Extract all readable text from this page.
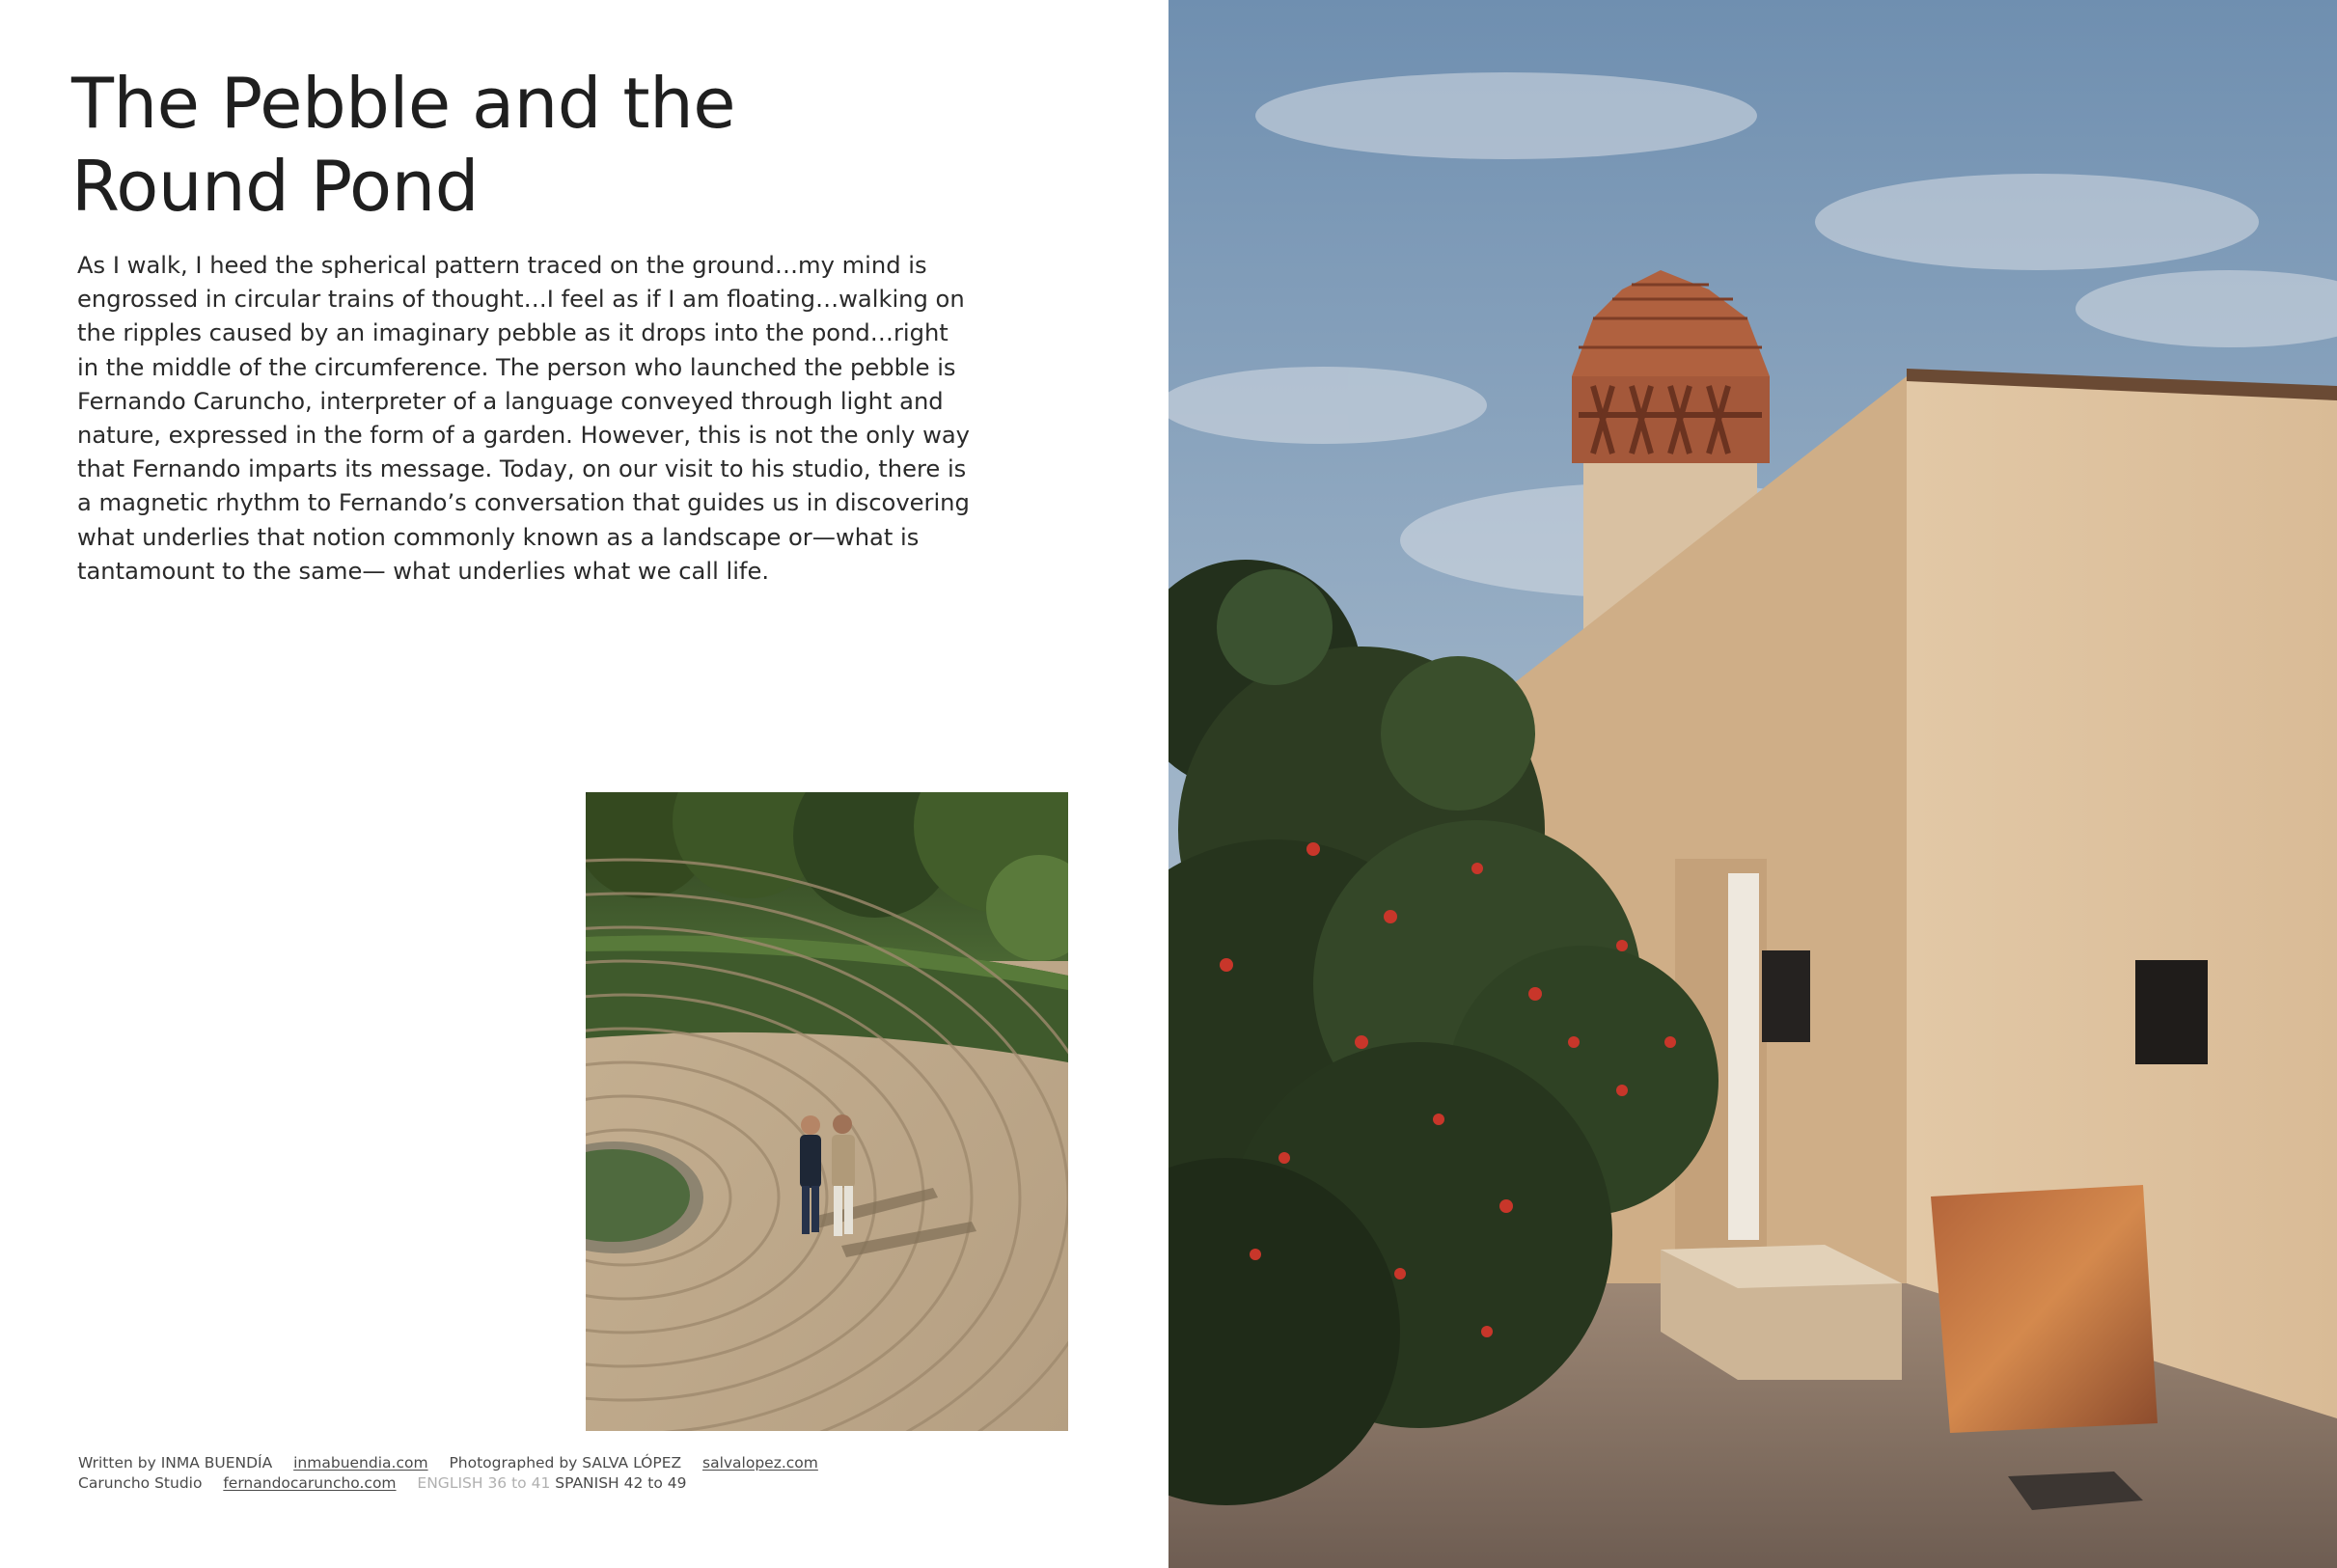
The Pebble and the
Round Pond
As I walk, I heed the spherical pattern traced on the ground…my mind is
engrossed in circular trains of thought…I feel as if I am floating…walking on
the ripples caused by an imaginary pebble as it drops into the pond…right
in the middle of the circumference. The person who launched the pebble is
Fernando Caruncho, interpreter of a language conveyed through light and
nature, expressed in the form of a garden. However, this is not the only way
that Fernando imparts its message. Today, on our visit to his studio, there is
a magnetic rhythm to Fernando’s conversation that guides us in discovering
what underlies that notion commonly known as a landscape or—what is
tantamount to the same— what underlies what we call life.
Written by INMA BUENDÍA inmabuendia.com Photographed by SALVA LÓPEZ salvalopez.com
Caruncho Studio fernandocaruncho.com ENGLISH 36 to 41 SPANISH 42 to 49
